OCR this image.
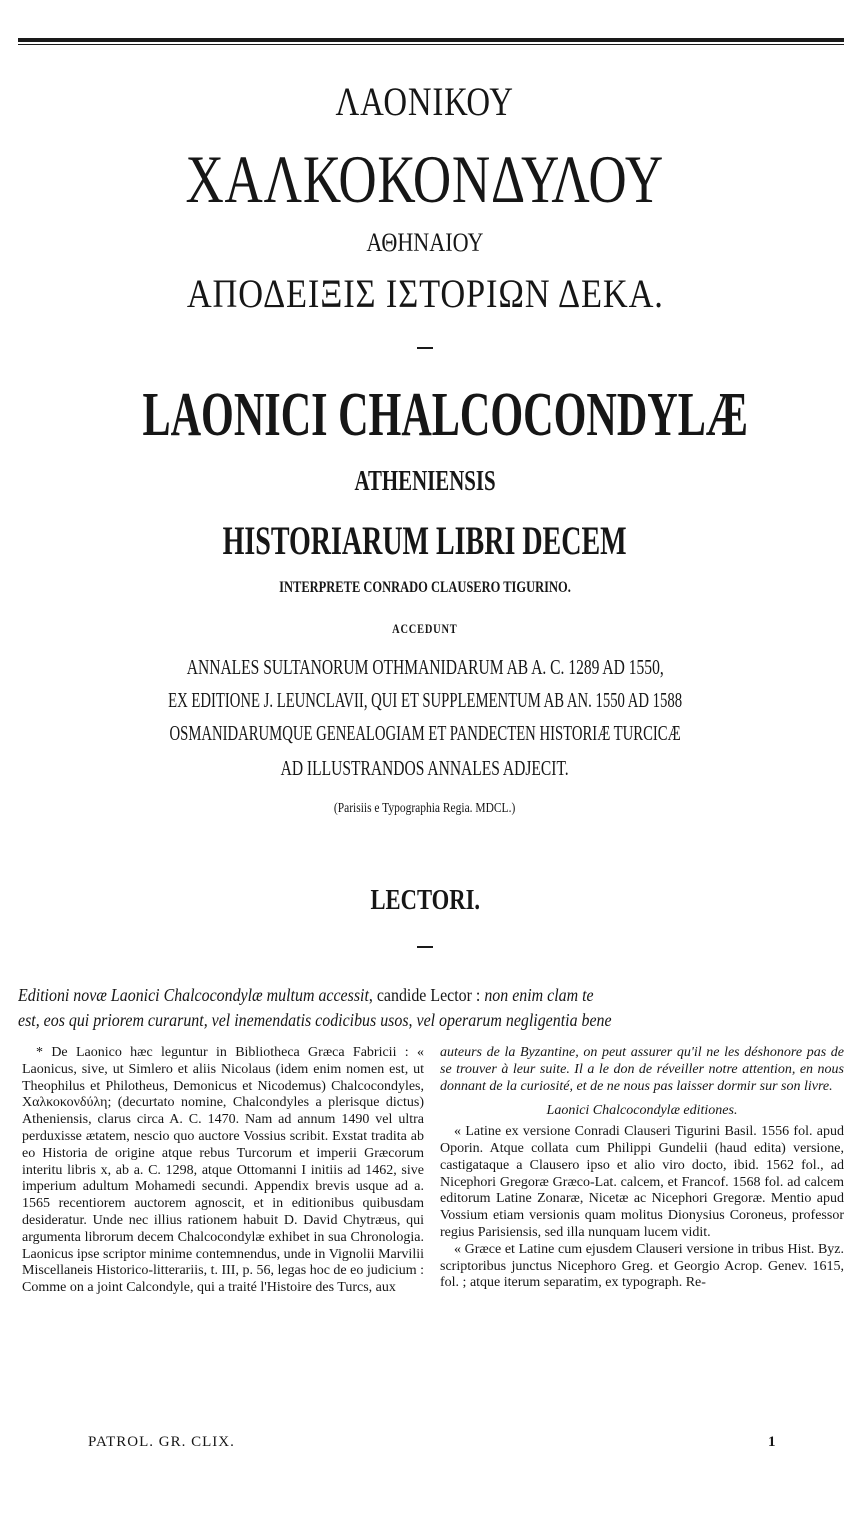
ΛΑΟΝΙΚΟΥ
ΧΑΛΚΟΚΟΝΔΥΛΟΥ
ΑΘΗΝΑΙΟΥ
ΑΠΟΔΕΙΞΙΣ ΙΣΤΟΡΙΩΝ ΔΕΚΑ.
LAONICI CHALCOCONDYLÆ
ATHENIENSIS
HISTORIARUM LIBRI DECEM
INTERPRETE CONRADO CLAUSERO TIGURINO.
ACCEDUNT
ANNALES SULTANORUM OTHMANIDARUM AB A. C. 1289 AD 1550,
EX EDITIONE J. LEUNCLAVII, QUI ET SUPPLEMENTUM AB AN. 1550 AD 1588
OSMANIDARUMQUE GENEALOGIAM ET PANDECTEN HISTORIÆ TURCICÆ
AD ILLUSTRANDOS ANNALES ADJECIT.
(Parisiis e Typographia Regia. MDCL.)
LECTORI.
Editioni novæ Laonici Chalcocondylæ multum accessit, candide Lector : non enim clam te
est, eos qui priorem curarunt, vel inemendatis codicibus usos, vel operarum negligentia bene

* De Laonico hæc leguntur in Bibliotheca Græca Fabricii : « Laonicus, sive, ut Simlero et aliis Nicolaus (idem enim nomen est, ut Theophilus et Philotheus, Demonicus et Nicodemus) Chalcocondyles, Χαλκοκονδύλη; (decurtato nomine, Chalcondyles a plerisque dictus) Atheniensis, clarus circa A. C. 1470. Nam ad annum 1490 vel ultra perduxisse ætatem, nescio quo auctore Vossius scribit. Exstat tradita ab eo Historia de origine atque rebus Turcorum et imperii Græcorum interitu libris x, ab a. C. 1298, atque Ottomanni I initiis ad 1462, sive imperium adultum Mohamedi secundi. Appendix brevis usque ad a. 1565 recentiorem auctorem agnoscit, et in editionibus quibusdam desideratur. Unde nec illius rationem habuit D. David Chytræus, qui argumenta librorum decem Chalcocondylæ exhibet in sua Chronologia. Laonicus ipse scriptor minime contemnendus, unde in Vignolii Marvilii Miscellaneis Historico-litterariis, t. III, p. 56, legas hoc de eo judicium : Comme on a joint Calcondyle, qui a traité l'Histoire des Turcs, aux

auteurs de la Byzantine, on peut assurer qu'il ne les déshonore pas de se trouver à leur suite. Il a le don de réveiller notre attention, en nous donnant de la curiosité, et de ne nous pas laisser dormir sur son livre.

Laonici Chalcocondylæ editiones.

« Latine ex versione Conradi Clauseri Tigurini Basil. 1556 fol. apud Oporin. Atque collata cum Philippi Gundelii (haud edita) versione, castigataque a Clausero ipso et alio viro docto, ibid. 1562 fol., ad Nicephori Gregoræ Græco-Lat. calcem, et Francof. 1568 fol. ad calcem editorum Latine Zonaræ, Nicetæ ac Nicephori Gregoræ. Mentio apud Vossium etiam versionis quam molitus Dionysius Coroneus, professor regius Parisiensis, sed illa nunquam lucem vidit.

« Græce et Latine cum ejusdem Clauseri versione in tribus Hist. Byz. scriptoribus junctus Nicephoro Greg. et Georgio Acrop. Genev. 1615, fol. ; atque iterum separatim, ex typograph. Re-

PATROL. GR. CLIX.	1
